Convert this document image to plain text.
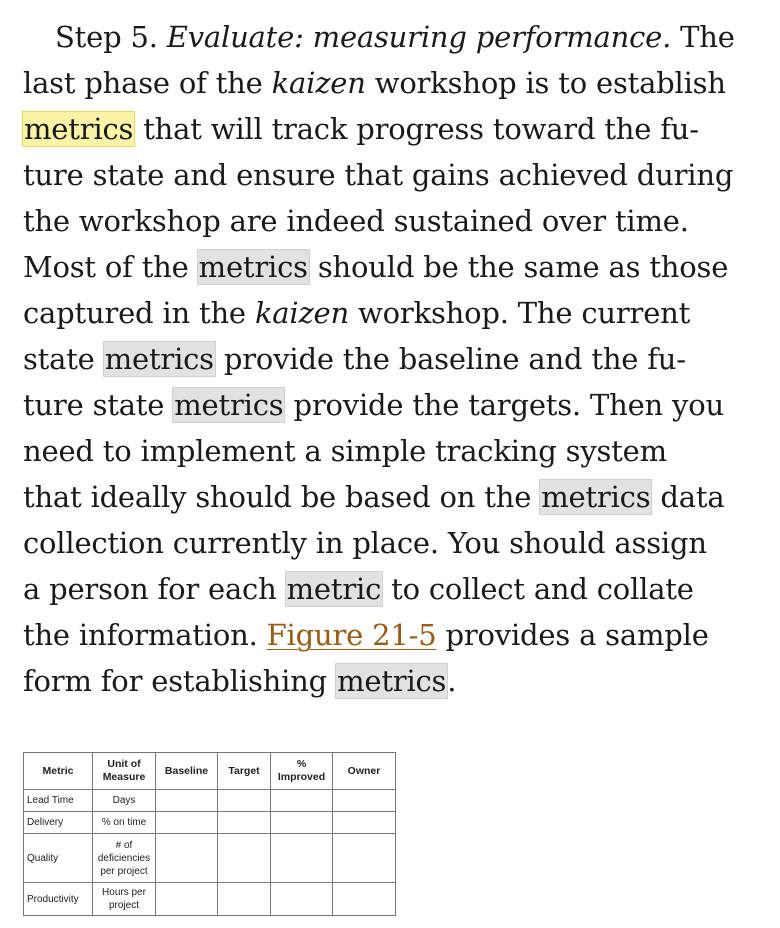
Step 5. Evaluate: measuring performance. The
last phase of the kaizen workshop is to establish
metrics that will track progress toward the fu-
ture state and ensure that gains achieved during
the workshop are indeed sustained over time.
Most of the metrics should be the same as those
captured in the kaizen workshop. The current
state metrics provide the baseline and the fu-
ture state metrics provide the targets. Then you
need to implement a simple tracking system
that ideally should be based on the metrics data
collection currently in place. You should assign
a person for each metric to collect and collate
the information. Figure 21-5 provides a sample
form for establishing metrics.

Metric	Unit of Measure	Baseline	Target	% Improved	Owner
Lead Time	Days				
Delivery	% on time				
Quality	# of deficiencies per project				
Productivity	Hours per project				
